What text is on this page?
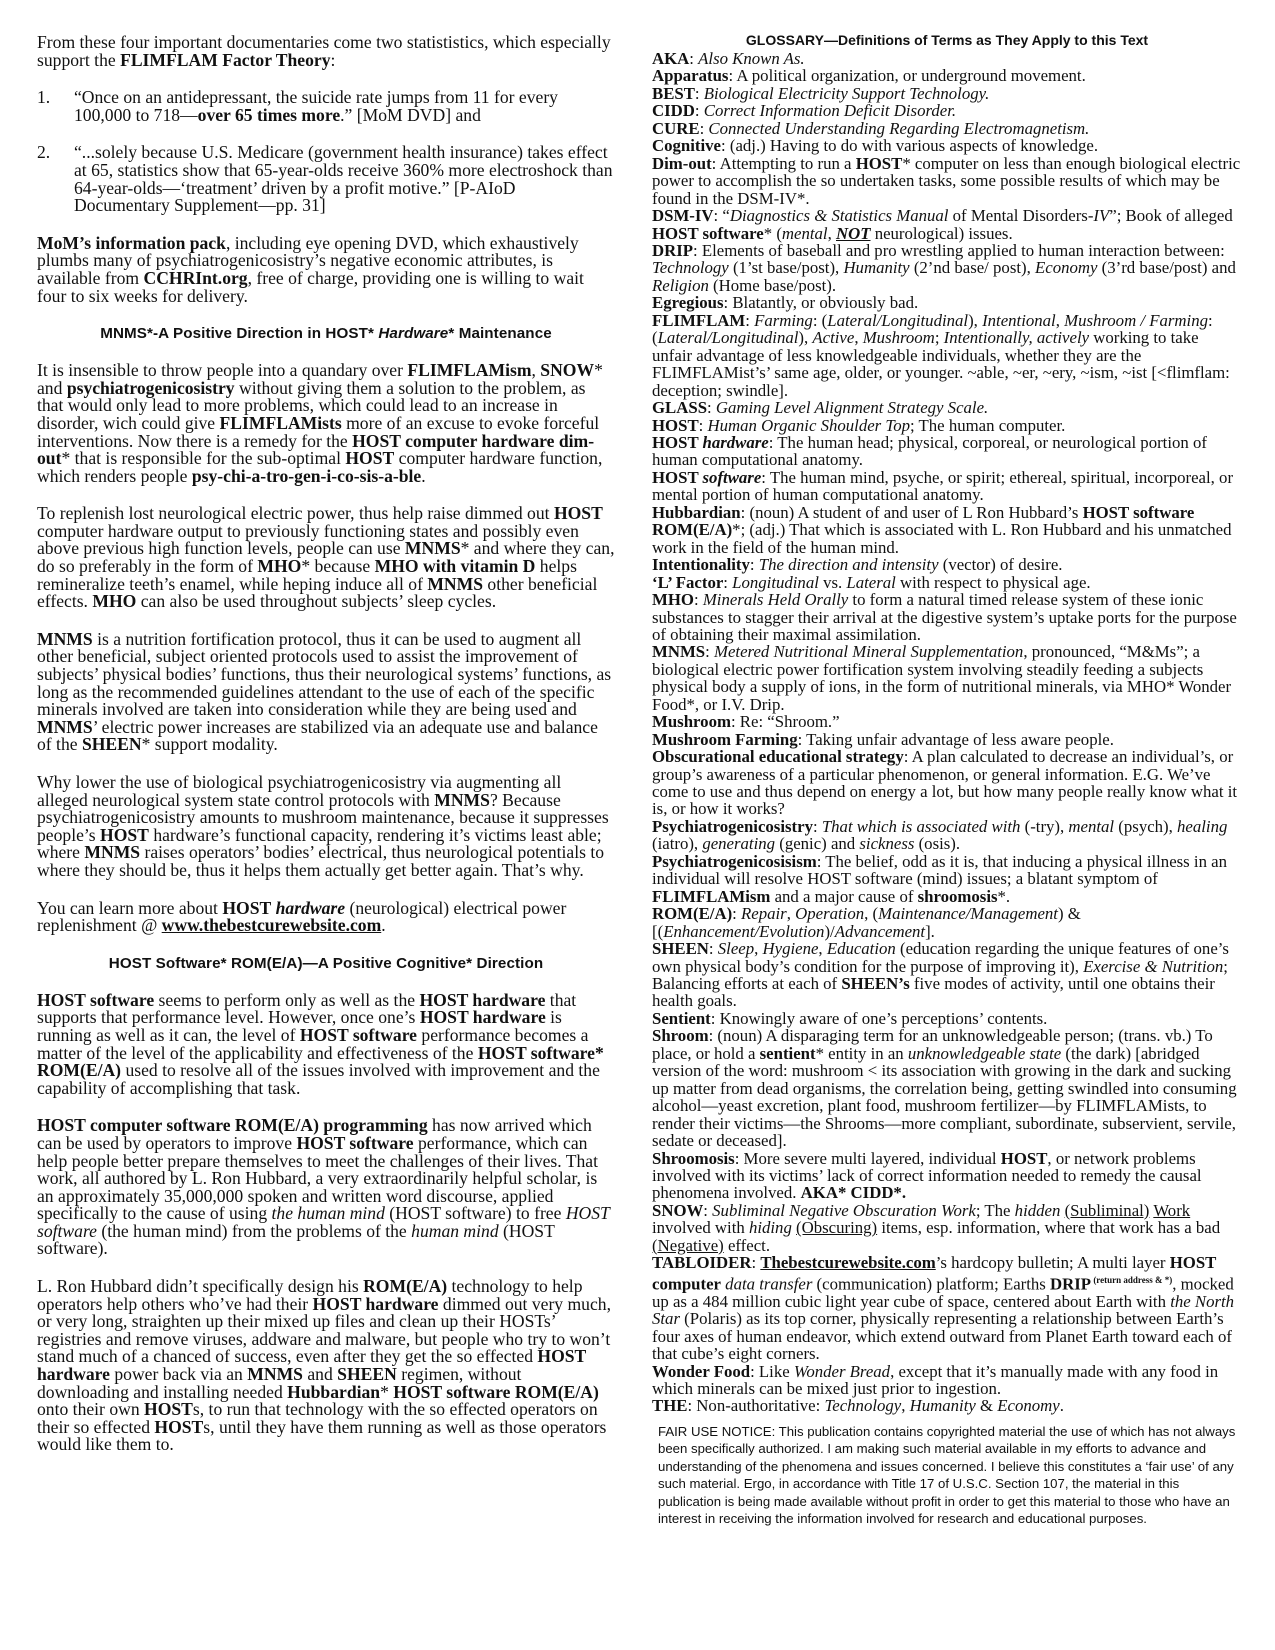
From these four important documentaries come two statististics, which especially support the FLIMFLAM Factor Theory:

1. “Once on an antidepressant, the suicide rate jumps from 11 for every 100,000 to 718—over 65 times more.” [MoM DVD] and
2. “...solely because U.S. Medicare (government health insurance) takes effect at 65, statistics show that 65-year-olds receive 360% more electroshock than 64-year-olds—‘treatment’ driven by a profit motive.” [P-AIoD Documentary Supplement—pp. 31]

MoM’s information pack, including eye opening DVD, which exhaustively plumbs many of psychiatrogenicosistry’s negative economic attributes, is available from CCHRInt.org, free of charge, providing one is willing to wait four to six weeks for delivery.

MNMS*-A Positive Direction in HOST* Hardware* Maintenance

It is insensible to throw people into a quandary over FLIMFLAMism, SNOW* and psychiatrogenicosistry without giving them a solution to the problem, as that would only lead to more problems, which could lead to an increase in disorder, wich could give FLIMFLAMists more of an excuse to evoke forceful interventions. Now there is a remedy for the HOST computer hardware dim-out* that is responsible for the sub-optimal HOST computer hardware function, which renders people psy-chi-a-tro-gen-i-co-sis-a-ble.

To replenish lost neurological electric power, thus help raise dimmed out HOST computer hardware output to previously functioning states and possibly even above previous high function levels, people can use MNMS* and where they can, do so preferably in the form of MHO* because MHO with vitamin D helps remineralize teeth’s enamel, while heping induce all of MNMS other beneficial effects. MHO can also be used throughout subjects’ sleep cycles.

MNMS is a nutrition fortification protocol, thus it can be used to augment all other beneficial, subject oriented protocols used to assist the improvement of subjects’ physical bodies’ functions, thus their neurological systems’ functions, as long as the recommended guidelines attendant to the use of each of the specific minerals involved are taken into consideration while they are being used and MNMS’ electric power increases are stabilized via an adequate use and balance of the SHEEN* support modality.

Why lower the use of biological psychiatrogenicosistry via augmenting all alleged neurological system state control protocols with MNMS? Because psychiatrogenicosistry amounts to mushroom maintenance, because it suppresses people’s HOST hardware’s functional capacity, rendering it’s victims least able; where MNMS raises operators’ bodies’ electrical, thus neurological potentials to where they should be, thus it helps them actually get better again. That’s why.

You can learn more about HOST hardware (neurological) electrical power replenishment @ www.thebestcurewebsite.com.

HOST Software* ROM(E/A)—A Positive Cognitive* Direction

HOST software seems to perform only as well as the HOST hardware that supports that performance level. However, once one’s HOST hardware is running as well as it can, the level of HOST software performance becomes a matter of the level of the applicability and effectiveness of the HOST software* ROM(E/A) used to resolve all of the issues involved with improvement and the capability of accomplishing that task.

HOST computer software ROM(E/A) programming has now arrived which can be used by operators to improve HOST software performance, which can help people better prepare themselves to meet the challenges of their lives. That work, all authored by L. Ron Hubbard, a very extraordinarily helpful scholar, is an approximately 35,000,000 spoken and written word discourse, applied specifically to the cause of using the human mind (HOST software) to free HOST software (the human mind) from the problems of the human mind (HOST software).

L. Ron Hubbard didn’t specifically design his ROM(E/A) technology to help operators help others who’ve had their HOST hardware dimmed out very much, or very long, straighten up their mixed up files and clean up their HOSTs’ registries and remove viruses, addware and malware, but people who try to won’t stand much of a chanced of success, even after they get the so effected HOST hardware power back via an MNMS and SHEEN regimen, without downloading and installing needed Hubbardian* HOST software ROM(E/A) onto their own HOSTs, to run that technology with the so effected operators on their so effected HOSTs, until they have them running as well as those operators would like them to.

GLOSSARY—Definitions of Terms as They Apply to this Text
AKA: Also Known As.
Apparatus: A political organization, or underground movement.
BEST: Biological Electricity Support Technology.
CIDD: Correct Information Deficit Disorder.
CURE: Connected Understanding Regarding Electromagnetism.
Cognitive: (adj.) Having to do with various aspects of knowledge.
Dim-out: Attempting to run a HOST* computer on less than enough biological electric power to accomplish the so undertaken tasks, some possible results of which may be found in the DSM-IV*.
DSM-IV: “Diagnostics & Statistics Manual of Mental Disorders-IV”; Book of alleged HOST software* (mental, NOT neurological) issues.
DRIP: Elements of baseball and pro wrestling applied to human interaction between: Technology (1’st base/post), Humanity (2’nd base/ post), Economy (3’rd base/post) and Religion (Home base/post).
Egregious: Blatantly, or obviously bad.
FLIMFLAM: Farming: (Lateral/Longitudinal), Intentional, Mushroom / Farming: (Lateral/Longitudinal), Active, Mushroom; Intentionally, actively working to take unfair advantage of less knowledgeable individuals, whether they are the FLIMFLAMist’s’ same age, older, or younger. ~able, ~er, ~ery, ~ism, ~ist [<flimflam: deception; swindle].
GLASS: Gaming Level Alignment Strategy Scale.
HOST: Human Organic Shoulder Top; The human computer.
HOST hardware: The human head; physical, corporeal, or neurological portion of human computational anatomy.
HOST software: The human mind, psyche, or spirit; ethereal, spiritual, incorporeal, or mental portion of human computational anatomy.
Hubbardian: (noun) A student of and user of L Ron Hubbard’s HOST software ROM(E/A)*; (adj.) That which is associated with L. Ron Hubbard and his unmatched work in the field of the human mind.
Intentionality: The direction and intensity (vector) of desire.
‘L’ Factor: Longitudinal vs. Lateral with respect to physical age.
MHO: Minerals Held Orally to form a natural timed release system of these ionic substances to stagger their arrival at the digestive system’s uptake ports for the purpose of obtaining their maximal assimilation.
MNMS: Metered Nutritional Mineral Supplementation, pronounced, “M&Ms”; a biological electric power fortification system involving steadily feeding a subjects physical body a supply of ions, in the form of nutritional minerals, via MHO* Wonder Food*, or I.V. Drip.
Mushroom: Re: “Shroom.”
Mushroom Farming: Taking unfair advantage of less aware people.
Obscurational educational strategy: A plan calculated to decrease an individual’s, or group’s awareness of a particular phenomenon, or general information. E.G. We’ve come to use and thus depend on energy a lot, but how many people really know what it is, or how it works?
Psychiatrogenicosistry: That which is associated with (-try), mental (psych), healing (iatro), generating (genic) and sickness (osis).
Psychiatrogenicosisism: The belief, odd as it is, that inducing a physical illness in an individual will resolve HOST software (mind) issues; a blatant symptom of FLIMFLAMism and a major cause of shroomosis*.
ROM(E/A): Repair, Operation, (Maintenance/Management) & [(Enhancement/Evolution)/Advancement].
SHEEN: Sleep, Hygiene, Education (education regarding the unique features of one’s own physical body’s condition for the purpose of improving it), Exercise & Nutrition; Balancing efforts at each of SHEEN’s five modes of activity, until one obtains their health goals.
Sentient: Knowingly aware of one’s perceptions’ contents.
Shroom: (noun) A disparaging term for an unknowledgeable person; (trans. vb.) To place, or hold a sentient* entity in an unknowledgeable state (the dark) [abridged version of the word: mushroom < its association with growing in the dark and sucking up matter from dead organisms, the correlation being, getting swindled into consuming alcohol—yeast excretion, plant food, mushroom fertilizer—by FLIMFLAMists, to render their victims—the Shrooms—more compliant, subordinate, subservient, servile, sedate or deceased].
Shroomosis: More severe multi layered, individual HOST, or network problems involved with its victims’ lack of correct information needed to remedy the causal phenomena involved. AKA* CIDD*.
SNOW: Subliminal Negative Obscuration Work; The hidden (Subliminal) Work involved with hiding (Obscuring) items, esp. information, where that work has a bad (Negative) effect.
TABLOIDER: Thebestcurewebsite.com’s hardcopy bulletin; A multi layer HOST computer data transfer (communication) platform; Earths DRIP $^{(return address \& *)}$, mocked up as a 484 million cubic light year cube of space, centered about Earth with the North Star (Polaris) as its top corner, physically representing a relationship between Earth’s four axes of human endeavor, which extend outward from Planet Earth toward each of that cube’s eight corners.
Wonder Food: Like Wonder Bread, except that it’s manually made with any food in which minerals can be mixed just prior to ingestion.
THE: Non-authoritative: Technology, Humanity & Economy.
FAIR USE NOTICE: This publication contains copyrighted material the use of which has not always been specifically authorized. I am making such material available in my efforts to advance and understanding of the phenomena and issues concerned. I believe this constitutes a ‘fair use’ of any such material. Ergo, in accordance with Title 17 of U.S.C. Section 107, the material in this publication is being made available without profit in order to get this material to those who have an interest in receiving the information involved for research and educational purposes.
